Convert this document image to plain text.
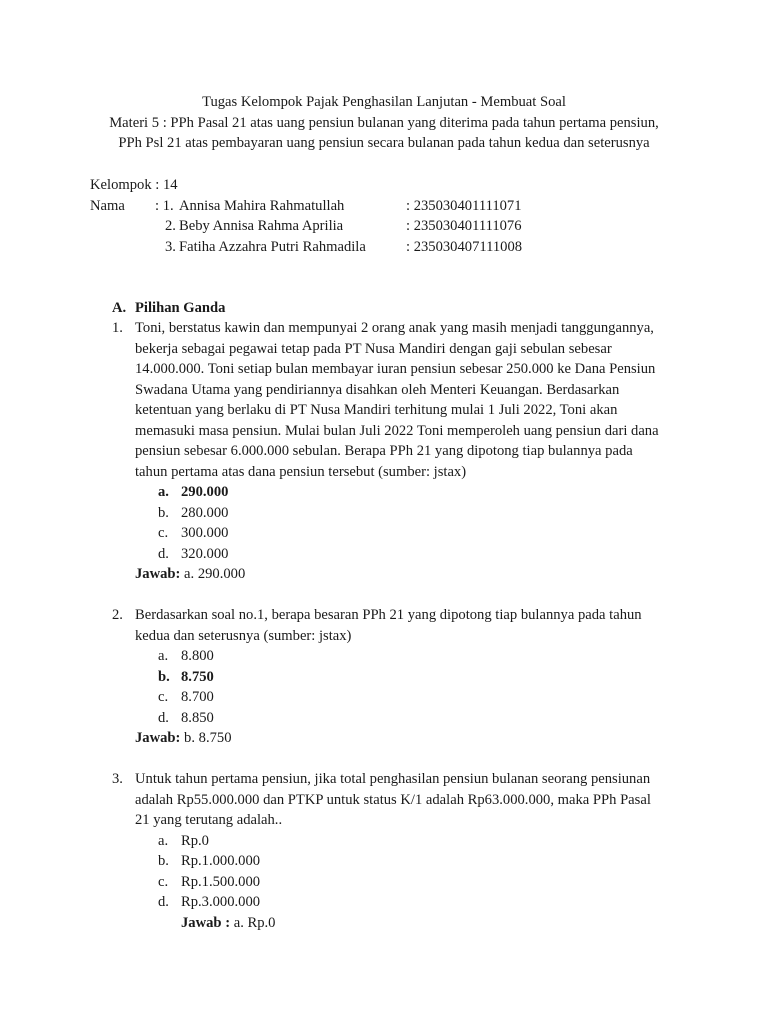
Tugas Kelompok Pajak Penghasilan Lanjutan - Membuat Soal
Materi 5 : PPh Pasal 21 atas uang pensiun bulanan yang diterima pada tahun pertama pensiun,
PPh Psl 21 atas pembayaran uang pensiun secara bulanan pada tahun kedua dan seterusnya
Kelompok : 14
Nama : 1. Annisa Mahira Rahmatullah	: 235030401111071
2. Beby Annisa Rahma Aprilia	: 235030401111076
3. Fatiha Azzahra Putri Rahmadila	: 235030407111008
A. Pilihan Ganda
1. Toni, berstatus kawin dan mempunyai 2 orang anak yang masih menjadi tanggungannya,
bekerja sebagai pegawai tetap pada PT Nusa Mandiri dengan gaji sebulan sebesar
14.000.000. Toni setiap bulan membayar iuran pensiun sebesar 250.000 ke Dana Pensiun
Swadana Utama yang pendiriannya disahkan oleh Menteri Keuangan. Berdasarkan
ketentuan yang berlaku di PT Nusa Mandiri terhitung mulai 1 Juli 2022, Toni akan
memasuki masa pensiun. Mulai bulan Juli 2022 Toni memperoleh uang pensiun dari dana
pensiun sebesar 6.000.000 sebulan. Berapa PPh 21 yang dipotong tiap bulannya pada
tahun pertama atas dana pensiun tersebut (sumber: jstax)
a. 290.000
b. 280.000
c. 300.000
d. 320.000
Jawab: a. 290.000
2. Berdasarkan soal no.1, berapa besaran PPh 21 yang dipotong tiap bulannya pada tahun
kedua dan seterusnya (sumber: jstax)
a. 8.800
b. 8.750
c. 8.700
d. 8.850
Jawab: b. 8.750
3. Untuk tahun pertama pensiun, jika total penghasilan pensiun bulanan seorang pensiunan
adalah Rp55.000.000 dan PTKP untuk status K/1 adalah Rp63.000.000, maka PPh Pasal
21 yang terutang adalah..
a. Rp.0
b. Rp.1.000.000
c. Rp.1.500.000
d. Rp.3.000.000
Jawab : a. Rp.0
